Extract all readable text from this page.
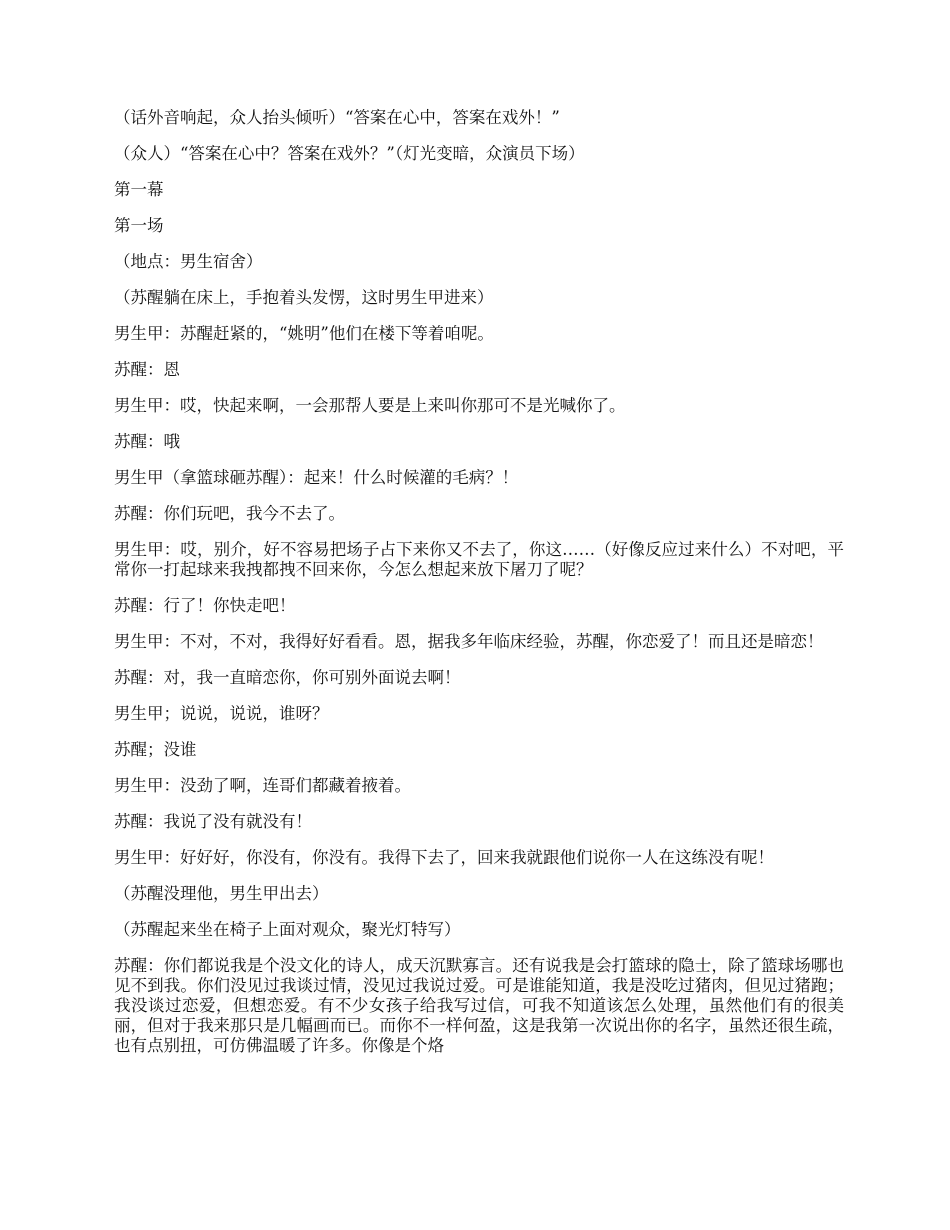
（话外音响起，众人抬头倾听）“答案在心中，答案在戏外！”

（众人）“答案在心中？答案在戏外？”（灯光变暗，众演员下场）

第一幕

第一场

（地点：男生宿舍）

（苏醒躺在床上，手抱着头发愣，这时男生甲进来）

男生甲：苏醒赶紧的，“姚明”他们在楼下等着咱呢。

苏醒：恩

男生甲：哎，快起来啊，一会那帮人要是上来叫你那可不是光喊你了。

苏醒：哦

男生甲（拿篮球砸苏醒）：起来！什么时候灌的毛病？！

苏醒：你们玩吧，我今不去了。

男生甲：哎，别介，好不容易把场子占下来你又不去了，你这……（好像反应过来什么）不对吧，平常你一打起球来我拽都拽不回来你，今怎么想起来放下屠刀了呢？

苏醒：行了！你快走吧！

男生甲：不对，不对，我得好好看看。恩，据我多年临床经验，苏醒，你恋爱了！而且还是暗恋！

苏醒：对，我一直暗恋你，你可别外面说去啊！

男生甲；说说，说说，谁呀？

苏醒；没谁

男生甲：没劲了啊，连哥们都藏着掖着。

苏醒：我说了没有就没有！

男生甲：好好好，你没有，你没有。我得下去了，回来我就跟他们说你一人在这练没有呢！

（苏醒没理他，男生甲出去）

（苏醒起来坐在椅子上面对观众，聚光灯特写）

苏醒：你们都说我是个没文化的诗人，成天沉默寡言。还有说我是会打篮球的隐士，除了篮球场哪也见不到我。你们没见过我谈过情，没见过我说过爱。可是谁能知道，我是没吃过猪肉，但见过猪跑；我没谈过恋爱，但想恋爱。有不少女孩子给我写过信，可我不知道该怎么处理，虽然他们有的很美丽，但对于我来那只是几幅画而已。而你不一样何盈，这是我第一次说出你的名字，虽然还很生疏，也有点别扭，可仿佛温暖了许多。你像是个烙
